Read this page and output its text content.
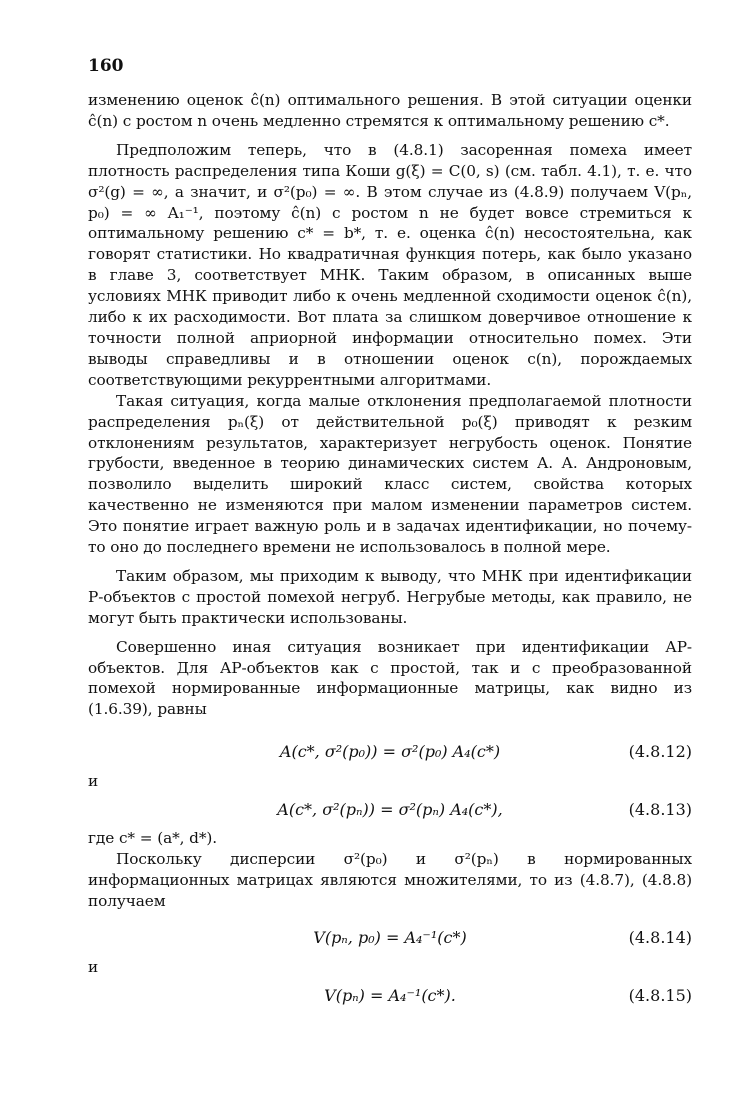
160

изменению оценок ĉ(n) оптимального решения. В этой ситуации оценки ĉ(n) с ростом n очень медленно стремятся к оптимальному решению c*.

Предположим теперь, что в (4.8.1) засоренная помеха имеет плотность распределения типа Коши g(ξ) = C(0, s) (см. табл. 4.1), т. е. что σ²(g) = ∞, а значит, и σ²(p₀) = ∞. В этом случае из (4.8.9) получаем V(pₙ, p₀) = ∞ A₁⁻¹, поэтому ĉ(n) с ростом n не будет вовсе стремиться к оптимальному решению c* = b*, т. е. оценка ĉ(n) несостоятельна, как говорят статистики. Но квадратичная функция потерь, как было указано в главе 3, соответствует МНК. Таким образом, в описанных выше условиях МНК приводит либо к очень медленной сходимости оценок ĉ(n), либо к их расходимости. Вот плата за слишком доверчивое отношение к точности полной априорной информации относительно помех. Эти выводы справедливы и в отношении оценок c(n), порождаемых соответствующими рекуррентными алгоритмами.

Такая ситуация, когда малые отклонения предполагаемой плотности распределения pₙ(ξ) от действительной p₀(ξ) приводят к резким отклонениям результатов, характеризует негрубость оценок. Понятие грубости, введенное в теорию динамических систем А. А. Андроновым, позволило выделить широкий класс систем, свойства которых качественно не изменяются при малом изменении параметров систем. Это понятие играет важную роль и в задачах идентификации, но почему-то оно до последнего времени не использовалось в полной мере.

Таким образом, мы приходим к выводу, что МНК при идентификации Р-объектов с простой помехой негруб. Негрубые методы, как правило, не могут быть практически использованы.

Совершенно иная ситуация возникает при идентификации АР-объектов. Для АР-объектов как с простой, так и с преобразованной помехой нормированные информационные матрицы, как видно из (1.6.39), равны

A(c*, σ²(p₀)) = σ²(p₀) A₄(c*)	(4.8.12)
и
A(c*, σ²(pₙ)) = σ²(pₙ) A₄(c*),	(4.8.13)

где c* = (a*, d*).

Поскольку дисперсии σ²(p₀) и σ²(pₙ) в нормированных информационных матрицах являются множителями, то из (4.8.7), (4.8.8) получаем

V(pₙ, p₀) = A₄⁻¹(c*)	(4.8.14)
и
V(pₙ) = A₄⁻¹(c*).	(4.8.15)
